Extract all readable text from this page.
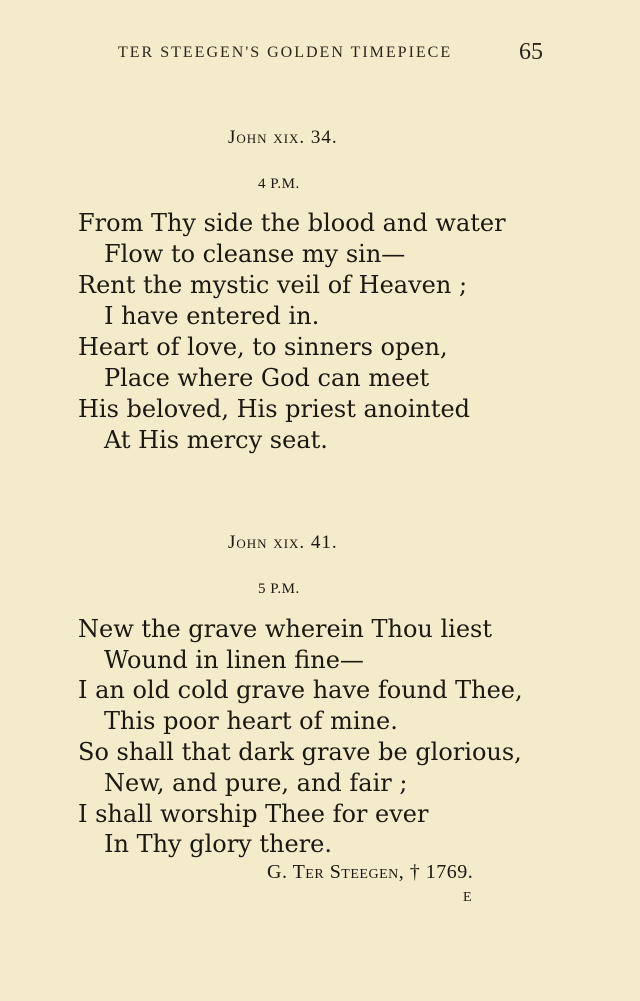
TER STEEGEN'S GOLDEN TIMEPIECE	65
John xix. 34.
4 P.M.
From Thy side the blood and water
Flow to cleanse my sin—
Rent the mystic veil of Heaven ;
I have entered in.
Heart of love, to sinners open,
Place where God can meet
His beloved, His priest anointed
At His mercy seat.
John xix. 41.
5 P.M.
New the grave wherein Thou liest
Wound in linen fine—
I an old cold grave have found Thee,
This poor heart of mine.
So shall that dark grave be glorious,
New, and pure, and fair ;
I shall worship Thee for ever
In Thy glory there.
G. Ter Steegen, † 1769.
E
